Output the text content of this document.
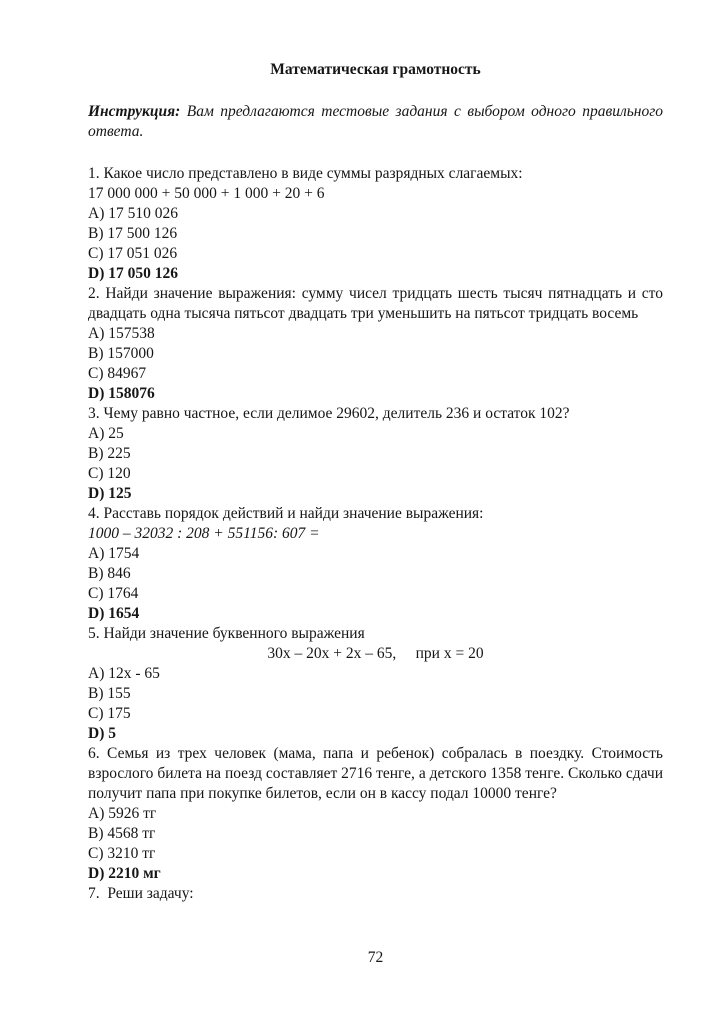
Математическая грамотность
Инструкция: Вам предлагаются тестовые задания с выбором одного правильного ответа.
1. Какое число представлено в виде суммы разрядных слагаемых:
17 000 000 + 50 000 + 1 000 + 20 + 6
A) 17 510 026
B) 17 500 126
C) 17 051 026
D) 17 050 126
2. Найди значение выражения: сумму чисел тридцать шесть тысяч пятнадцать и сто двадцать одна тысяча пятьсот двадцать три уменьшить на пятьсот тридцать восемь
A) 157538
B) 157000
C) 84967
D) 158076
3. Чему равно частное, если делимое 29602, делитель 236 и остаток 102?
A) 25
B) 225
C) 120
D) 125
4. Расставь порядок действий и найди значение выражения:
1000 – 32032 : 208 + 551156: 607 =
A) 1754
B) 846
C) 1764
D) 1654
5. Найди значение буквенного выражения
30х – 20х + 2х – 65,     при х = 20
A) 12х - 65
B) 155
C) 175
D) 5
6. Семья из трех человек (мама, папа и ребенок) собралась в поездку. Стоимость взрослого билета на поезд составляет 2716 тенге, а детского 1358 тенге. Сколько сдачи получит папа при покупке билетов, если он в кассу подал 10000 тенге?
A) 5926 тг
B) 4568 тг
C) 3210 тг
D) 2210 мг
7.  Реши задачу:
72
